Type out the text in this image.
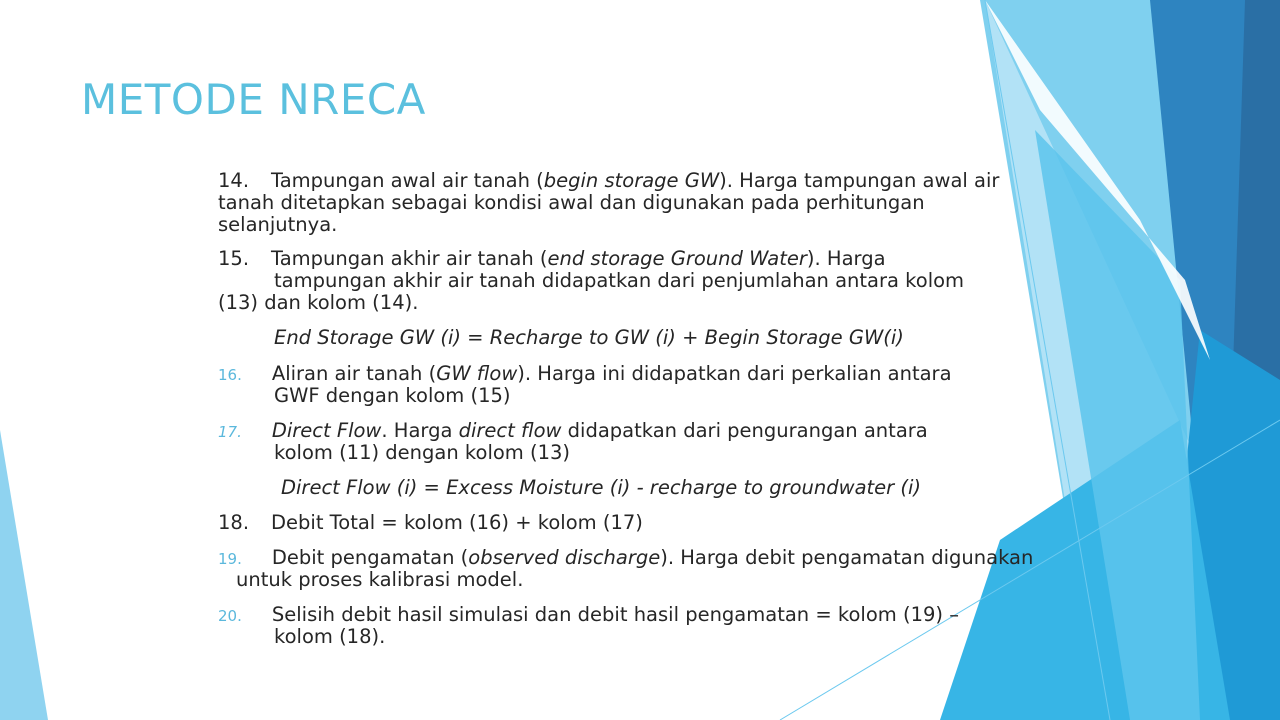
METODE NRECA
14. Tampungan awal air tanah (begin storage GW). Harga tampungan awal air
tanah ditetapkan sebagai kondisi awal dan digunakan pada perhitungan
selanjutnya.
15. Tampungan akhir air tanah (end storage Ground Water). Harga
tampungan akhir air tanah didapatkan dari penjumlahan antara kolom
(13) dan kolom (14).
End Storage GW (i) = Recharge to GW (i) + Begin Storage GW(i)
16. Aliran air tanah (GW flow). Harga ini didapatkan dari perkalian antara
GWF dengan kolom (15)
17. Direct Flow. Harga direct flow didapatkan dari pengurangan antara
kolom (11) dengan kolom (13)
Direct Flow (i) = Excess Moisture (i) - recharge to groundwater (i)
18. Debit Total = kolom (16) + kolom (17)
19. Debit pengamatan (observed discharge). Harga debit pengamatan digunakan
untuk proses kalibrasi model.
20. Selisih debit hasil simulasi dan debit hasil pengamatan = kolom (19) –
kolom (18).
